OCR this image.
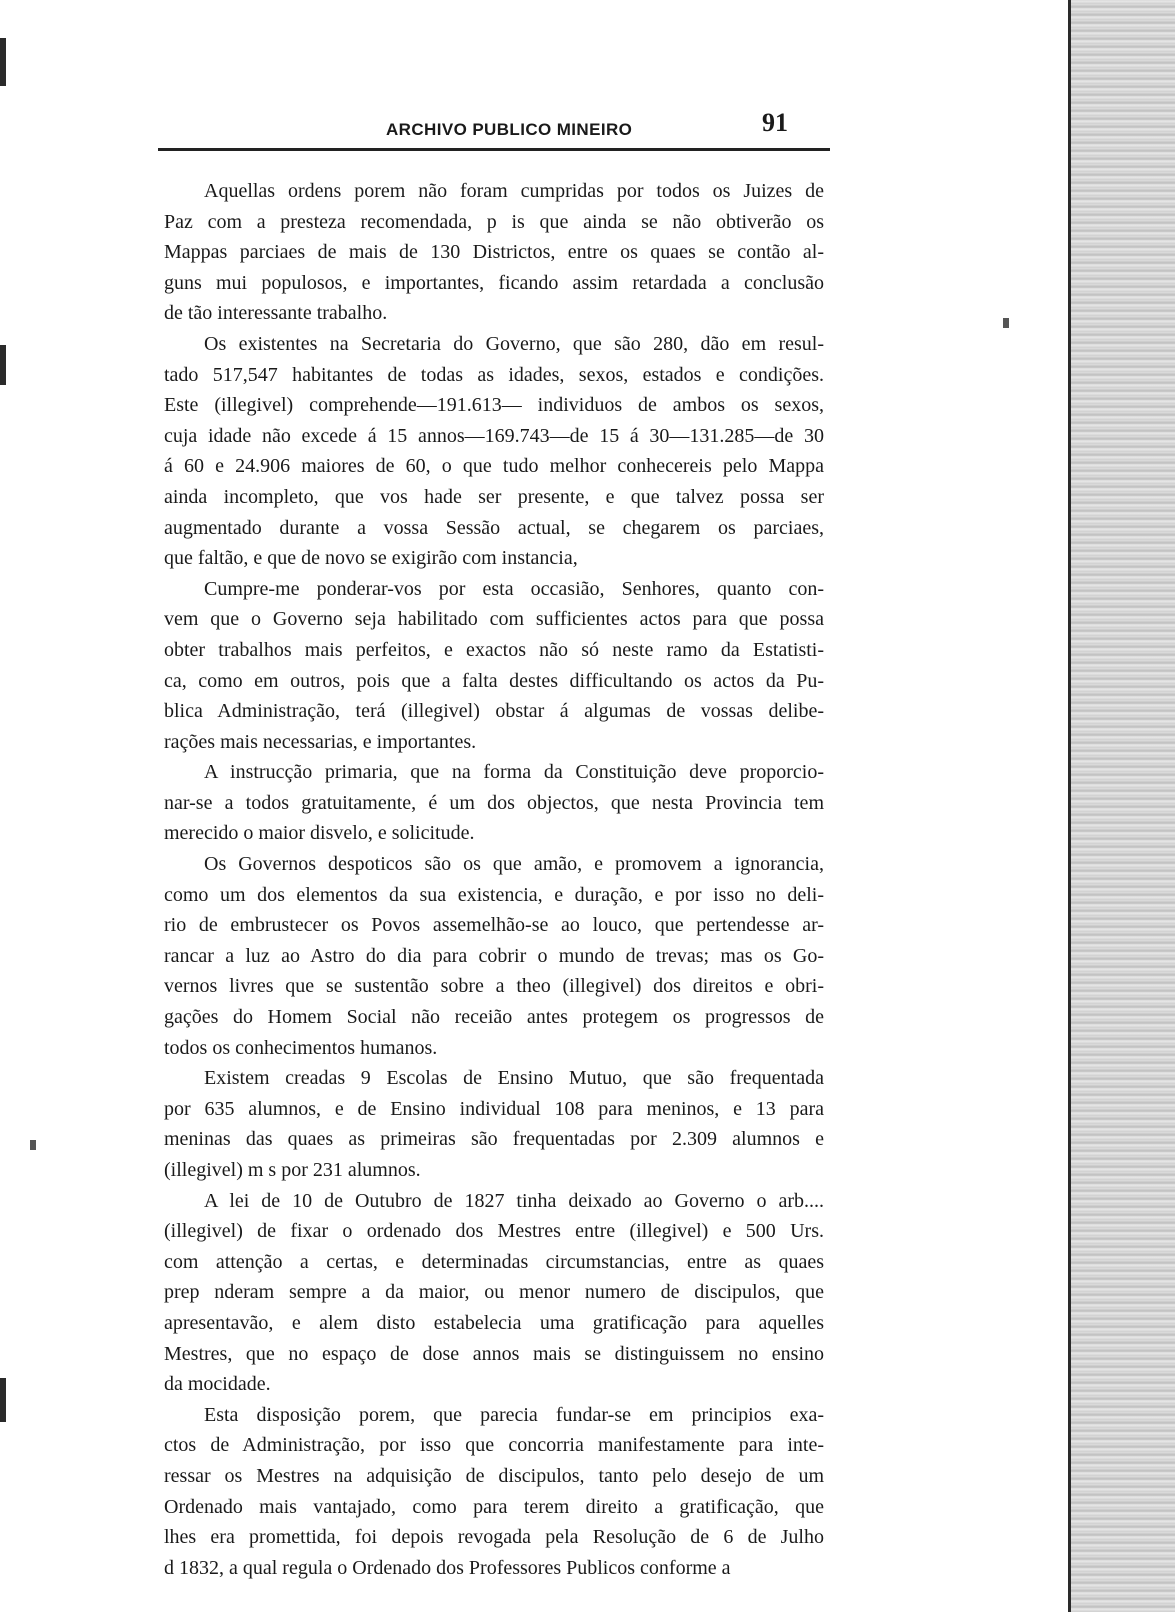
ARCHIVO PUBLICO MINEIRO	91
Aquellas ordens porem não foram cumpridas por todos os Juizes de
Paz com a presteza recomendada, p is que ainda se não obtiverão os
Mappas parciaes de mais de 130 Districtos, entre os quaes se contão al-
guns mui populosos, e importantes, ficando assim retardada a conclusão
de tão interessante trabalho.
Os existentes na Secretaria do Governo, que são 280, dão em resul-
tado 517,547 habitantes de todas as idades, sexos, estados e condições.
Este (illegivel) comprehende—191.613— individuos de ambos os sexos,
cuja idade não excede á 15 annos—169.743—de 15 á 30—131.285—de 30
á 60 e 24.906 maiores de 60, o que tudo melhor conhecereis pelo Mappa
ainda incompleto, que vos hade ser presente, e que talvez possa ser
augmentado durante a vossa Sessão actual, se chegarem os parciaes,
que faltão, e que de novo se exigirão com instancia,
Cumpre-me ponderar-vos por esta occasião, Senhores, quanto con-
vem que o Governo seja habilitado com sufficientes actos para que possa
obter trabalhos mais perfeitos, e exactos não só neste ramo da Estatisti-
ca, como em outros, pois que a falta destes difficultando os actos da Pu-
blica Administração, terá (illegivel) obstar á algumas de vossas delibe-
rações mais necessarias, e importantes.
A instrucção primaria, que na forma da Constituição deve proporcio-
nar-se a todos gratuitamente, é um dos objectos, que nesta Provincia tem
merecido o maior disvelo, e solicitude.
Os Governos despoticos são os que amão, e promovem a ignorancia,
como um dos elementos da sua existencia, e duração, e por isso no deli-
rio de embrustecer os Povos assemelhão-se ao louco, que pertendesse ar-
rancar a luz ao Astro do dia para cobrir o mundo de trevas; mas os Go-
vernos livres que se sustentão sobre a theo (illegivel) dos direitos e obri-
gações do Homem Social não receião antes protegem os progressos de
todos os conhecimentos humanos.
Existem creadas 9 Escolas de Ensino Mutuo, que são frequentada
por 635 alumnos, e de Ensino individual 108 para meninos, e 13 para
meninas das quaes as primeiras são frequentadas por 2.309 alumnos e
(illegivel) m s por 231 alumnos.
A lei de 10 de Outubro de 1827 tinha deixado ao Governo o arb....
(illegivel) de fixar o ordenado dos Mestres entre (illegivel) e 500 Urs.
com attenção a certas, e determinadas circumstancias, entre as quaes
prep nderam sempre a da maior, ou menor numero de discipulos, que
apresentavão, e alem disto estabelecia uma gratificação para aquelles
Mestres, que no espaço de dose annos mais se distinguissem no ensino
da mocidade.
Esta disposição porem, que parecia fundar-se em principios exa-
ctos de Administração, por isso que concorria manifestamente para inte-
ressar os Mestres na adquisição de discipulos, tanto pelo desejo de um
Ordenado mais vantajado, como para terem direito a gratificação, que
lhes era promettida, foi depois revogada pela Resolução de 6 de Julho
d 1832, a qual regula o Ordenado dos Professores Publicos conforme a
